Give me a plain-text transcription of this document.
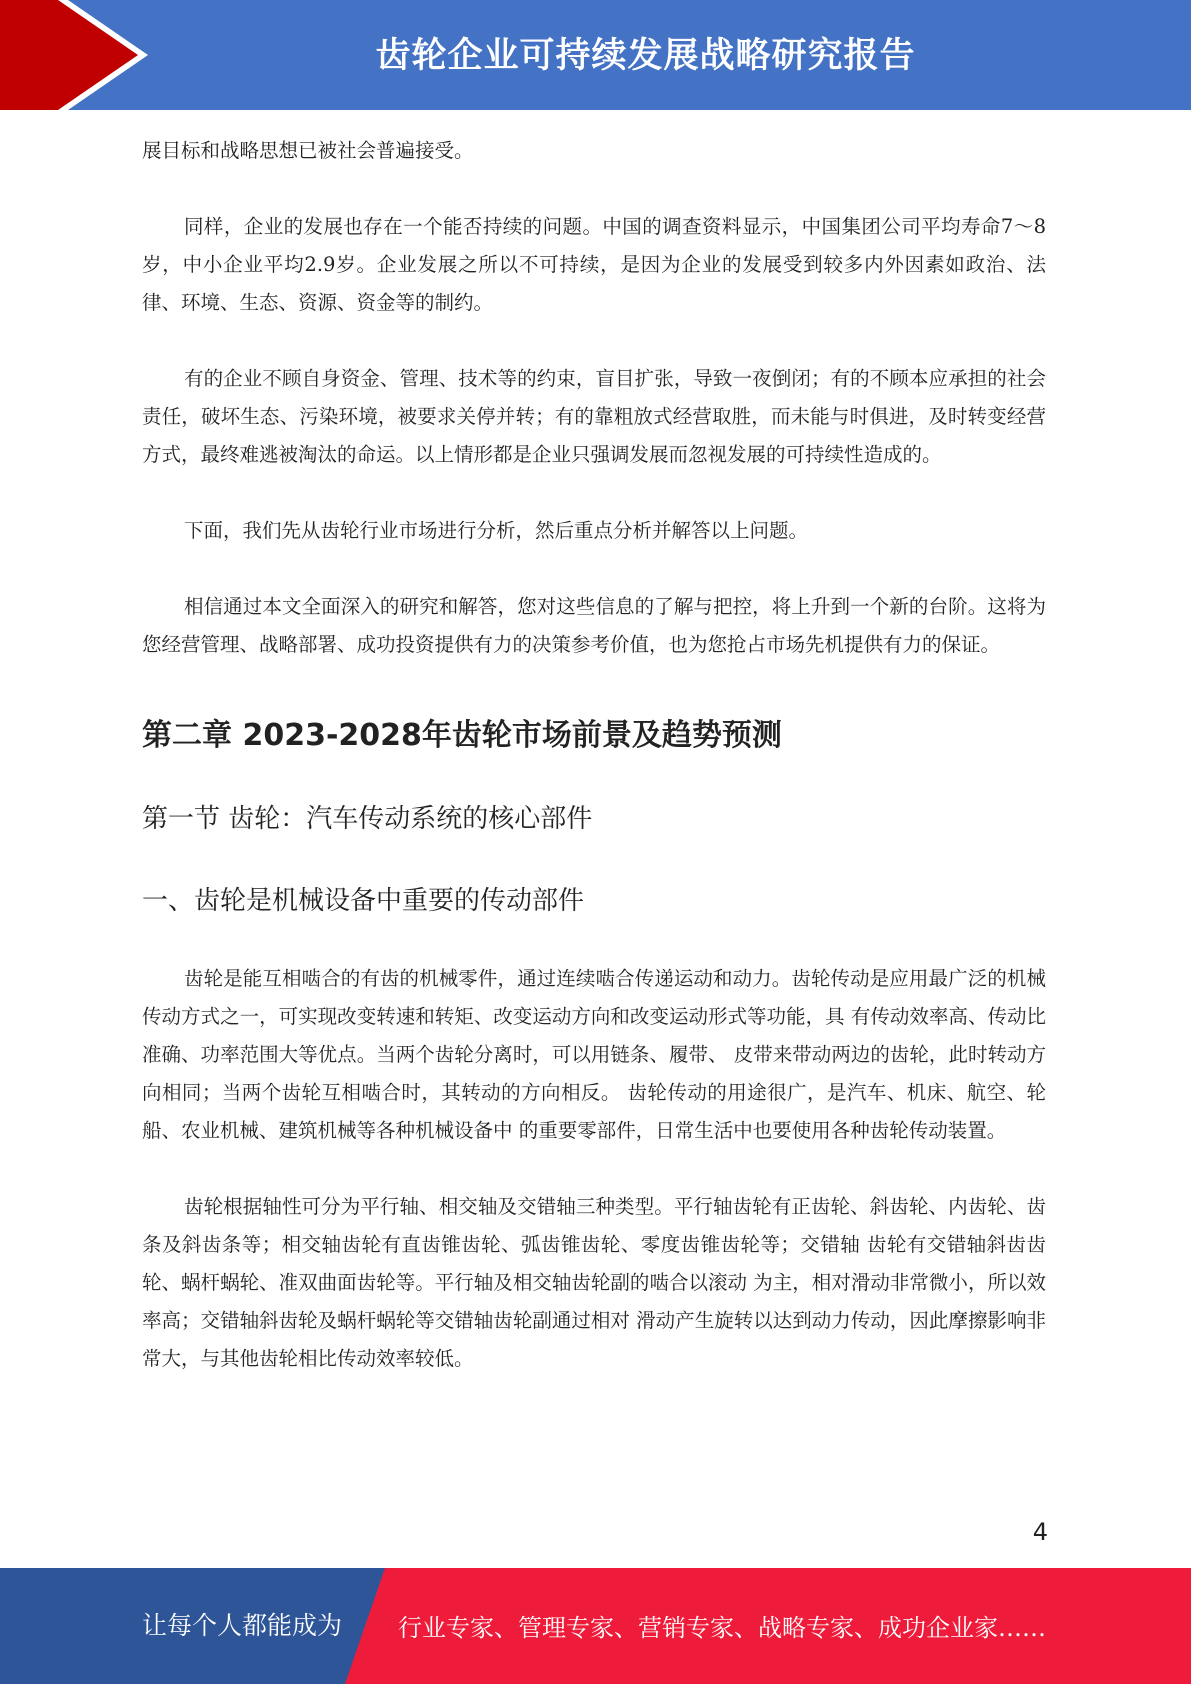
齿轮企业可持续发展战略研究报告

展目标和战略思想已被社会普遍接受。

同样，企业的发展也存在一个能否持续的问题。中国的调查资料显示，中国集团公司平均寿命7～8岁，中小企业平均2.9岁。企业发展之所以不可持续，是因为企业的发展受到较多内外因素如政治、法律、环境、生态、资源、资金等的制约。

有的企业不顾自身资金、管理、技术等的约束，盲目扩张，导致一夜倒闭；有的不顾本应承担的社会责任，破坏生态、污染环境，被要求关停并转；有的靠粗放式经营取胜，而未能与时俱进，及时转变经营方式，最终难逃被淘汰的命运。以上情形都是企业只强调发展而忽视发展的可持续性造成的。

下面，我们先从齿轮行业市场进行分析，然后重点分析并解答以上问题。

相信通过本文全面深入的研究和解答，您对这些信息的了解与把控，将上升到一个新的台阶。这将为您经营管理、战略部署、成功投资提供有力的决策参考价值，也为您抢占市场先机提供有力的保证。

第二章 2023-2028年齿轮市场前景及趋势预测
第一节 齿轮：汽车传动系统的核心部件
一、齿轮是机械设备中重要的传动部件

齿轮是能互相啮合的有齿的机械零件，通过连续啮合传递运动和动力。齿轮传动是应用最广泛的机械传动方式之一，可实现改变转速和转矩、改变运动方向和改变运动形式等功能，具 有传动效率高、传动比准确、功率范围大等优点。当两个齿轮分离时，可以用链条、履带、 皮带来带动两边的齿轮，此时转动方向相同；当两个齿轮互相啮合时，其转动的方向相反。 齿轮传动的用途很广，是汽车、机床、航空、轮船、农业机械、建筑机械等各种机械设备中 的重要零部件，日常生活中也要使用各种齿轮传动装置。

齿轮根据轴性可分为平行轴、相交轴及交错轴三种类型。平行轴齿轮有正齿轮、斜齿轮、内齿轮、齿条及斜齿条等；相交轴齿轮有直齿锥齿轮、弧齿锥齿轮、零度齿锥齿轮等；交错轴 齿轮有交错轴斜齿齿轮、蜗杆蜗轮、准双曲面齿轮等。平行轴及相交轴齿轮副的啮合以滚动 为主，相对滑动非常微小，所以效率高；交错轴斜齿轮及蜗杆蜗轮等交错轴齿轮副通过相对 滑动产生旋转以达到动力传动，因此摩擦影响非常大，与其他齿轮相比传动效率较低。

4
让每个人都能成为 行业专家、管理专家、营销专家、战略专家、成功企业家……
